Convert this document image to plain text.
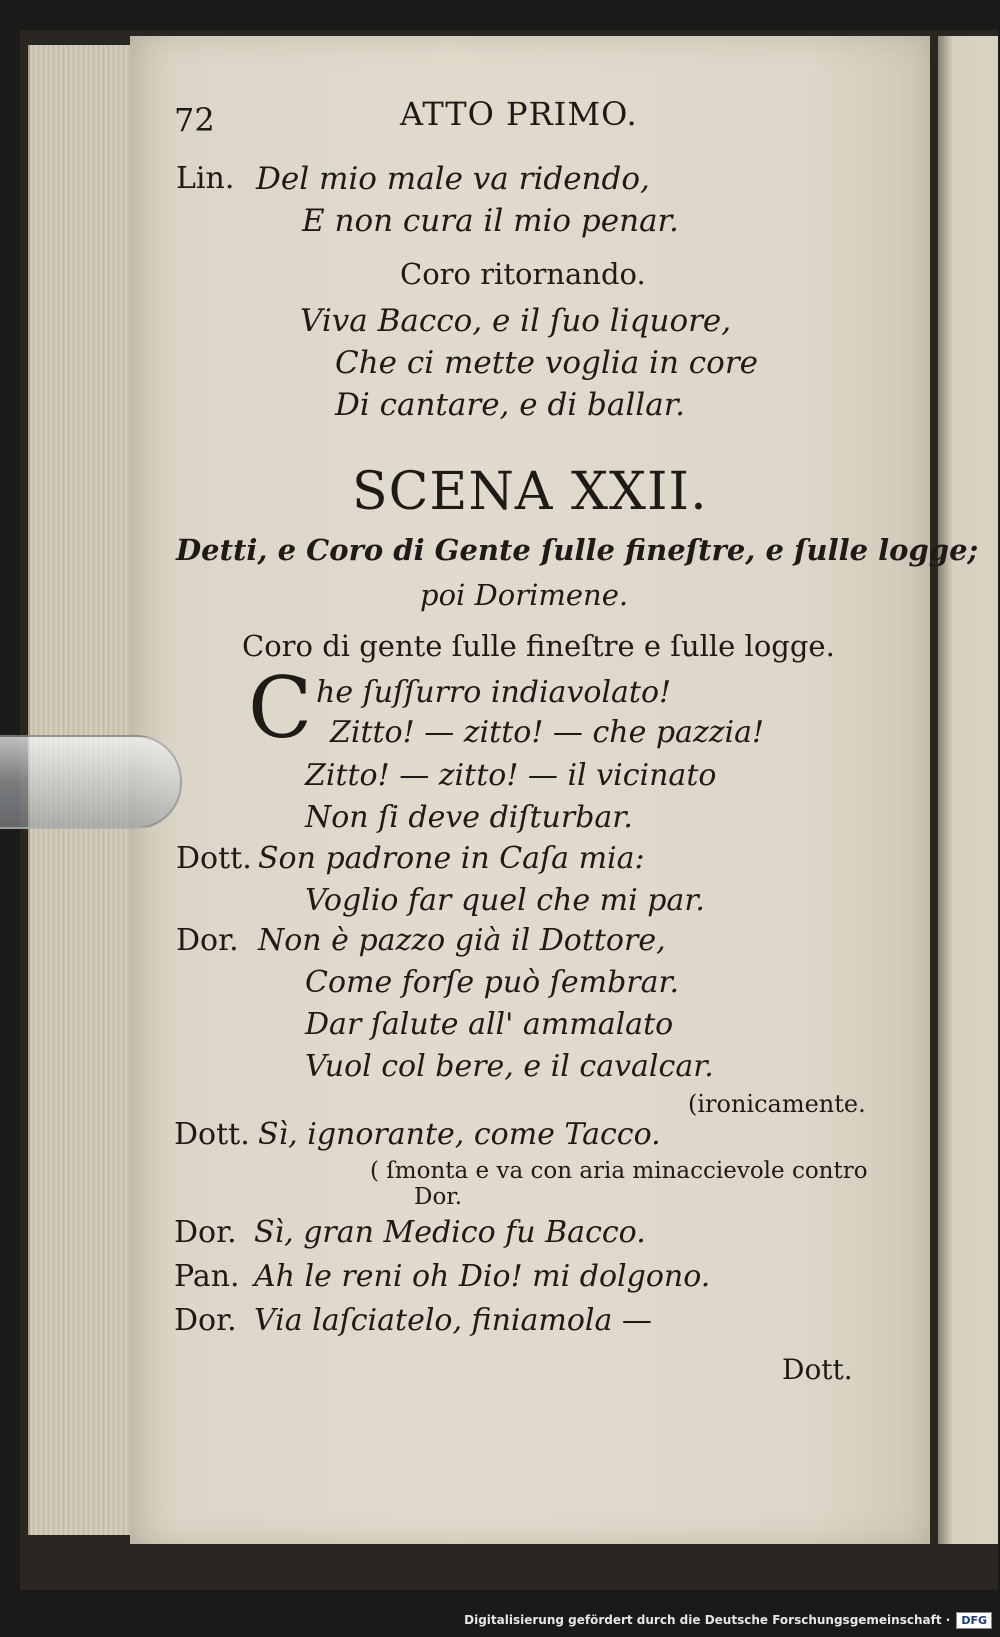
72	ATTO PRIMO.
Lin. Del mio male va ridendo,
E non cura il mio penar.
Coro ritornando.
Viva Bacco, e il ſuo liquore,
Che ci mette voglia in core
Di cantare, e di ballar.
SCENA XXII.
Detti, e Coro di Gente ſulle fineſtre, e ſulle logge;
poi Dorimene.
Coro di gente ſulle fineſtre e ſulle logge.
C he ſuſſurro indiavolato!
Zitto! — zitto! — che pazzia!
Zitto! — zitto! — il vicinato
Non ſi deve diſturbar.
Dott. Son padrone in Caſa mia:
Voglio far quel che mi par.
Dor. Non è pazzo già il Dottore,
Come forſe può ſembrar.
Dar ſalute all' ammalato
Vuol col bere, e il cavalcar.
(ironicamente.
Dott. Sì, ignorante, come Tacco.
( ſmonta e va con aria minaccievole contro
Dor.
Dor. Sì, gran Medico fu Bacco.
Pan. Ah le reni oh Dio! mi dolgono.
Dor. Via laſciatelo, finiamola —
Dott.
Digitalisierung gefördert durch die Deutsche Forschungsgemeinschaft ·	DFG
